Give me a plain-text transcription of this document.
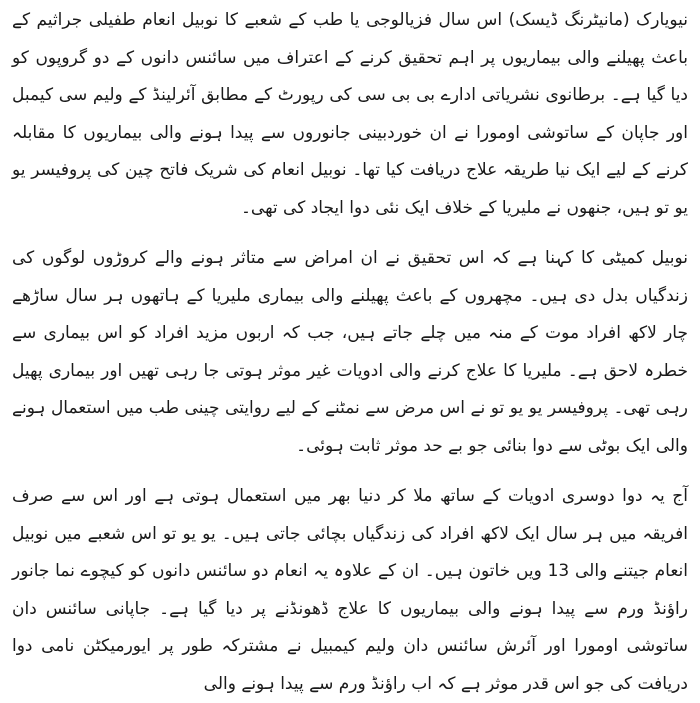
نیویارک (مانیٹرنگ ڈیسک) اس سال فزیالوجی یا طب کے شعبے کا نوبیل انعام طفیلی جراثیم کے باعث پھیلنے والی بیماریوں پر اہم تحقیق کرنے کے اعتراف میں سائنس دانوں کے دو گروپوں کو دیا گیا ہے۔ برطانوی نشریاتی ادارے بی بی سی کی رپورٹ کے مطابق آئرلینڈ کے ولیم سی کیمبل اور جاپان کے ساتوشی اومورا نے ان خوردبینی جانوروں سے پیدا ہونے والی بیماریوں کا مقابلہ کرنے کے لیے ایک نیا طریقہ علاج دریافت کیا تھا۔ نوبیل انعام کی شریک فاتح چین کی پروفیسر یو یو تو ہیں، جنھوں نے ملیریا کے خلاف ایک نئی دوا ایجاد کی تھی۔

نوبیل کمیٹی کا کہنا ہے کہ اس تحقیق نے ان امراض سے متاثر ہونے والے کروڑوں لوگوں کی زندگیاں بدل دی ہیں۔ مچھروں کے باعث پھیلنے والی بیماری ملیریا کے ہاتھوں ہر سال ساڑھے چار لاکھ افراد موت کے منہ میں چلے جاتے ہیں، جب کہ اربوں مزید افراد کو اس بیماری سے خطرہ لاحق ہے۔ ملیریا کا علاج کرنے والی ادویات غیر موثر ہوتی جا رہی تھیں اور بیماری پھیل رہی تھی۔ پروفیسر یو یو تو نے اس مرض سے نمٹنے کے لیے روایتی چینی طب میں استعمال ہونے والی ایک بوٹی سے دوا بنائی جو بے حد موثر ثابت ہوئی۔

آج یہ دوا دوسری ادویات کے ساتھ ملا کر دنیا بھر میں استعمال ہوتی ہے اور اس سے صرف افریقہ میں ہر سال ایک لاکھ افراد کی زندگیاں بچائی جاتی ہیں۔ یو یو تو اس شعبے میں نوبیل انعام جیتنے والی 13 ویں خاتون ہیں۔ ان کے علاوہ یہ انعام دو سائنس دانوں کو کیچوے نما جانور راؤنڈ ورم سے پیدا ہونے والی بیماریوں کا علاج ڈھونڈنے پر دیا گیا ہے۔ جاپانی سائنس دان ساتوشی اومورا اور آئرش سائنس دان ولیم کیمبیل نے مشترکہ طور پر ایورمیکٹن نامی دوا دریافت کی جو اس قدر موثر ہے کہ اب راؤنڈ ورم سے پیدا ہونے والی
